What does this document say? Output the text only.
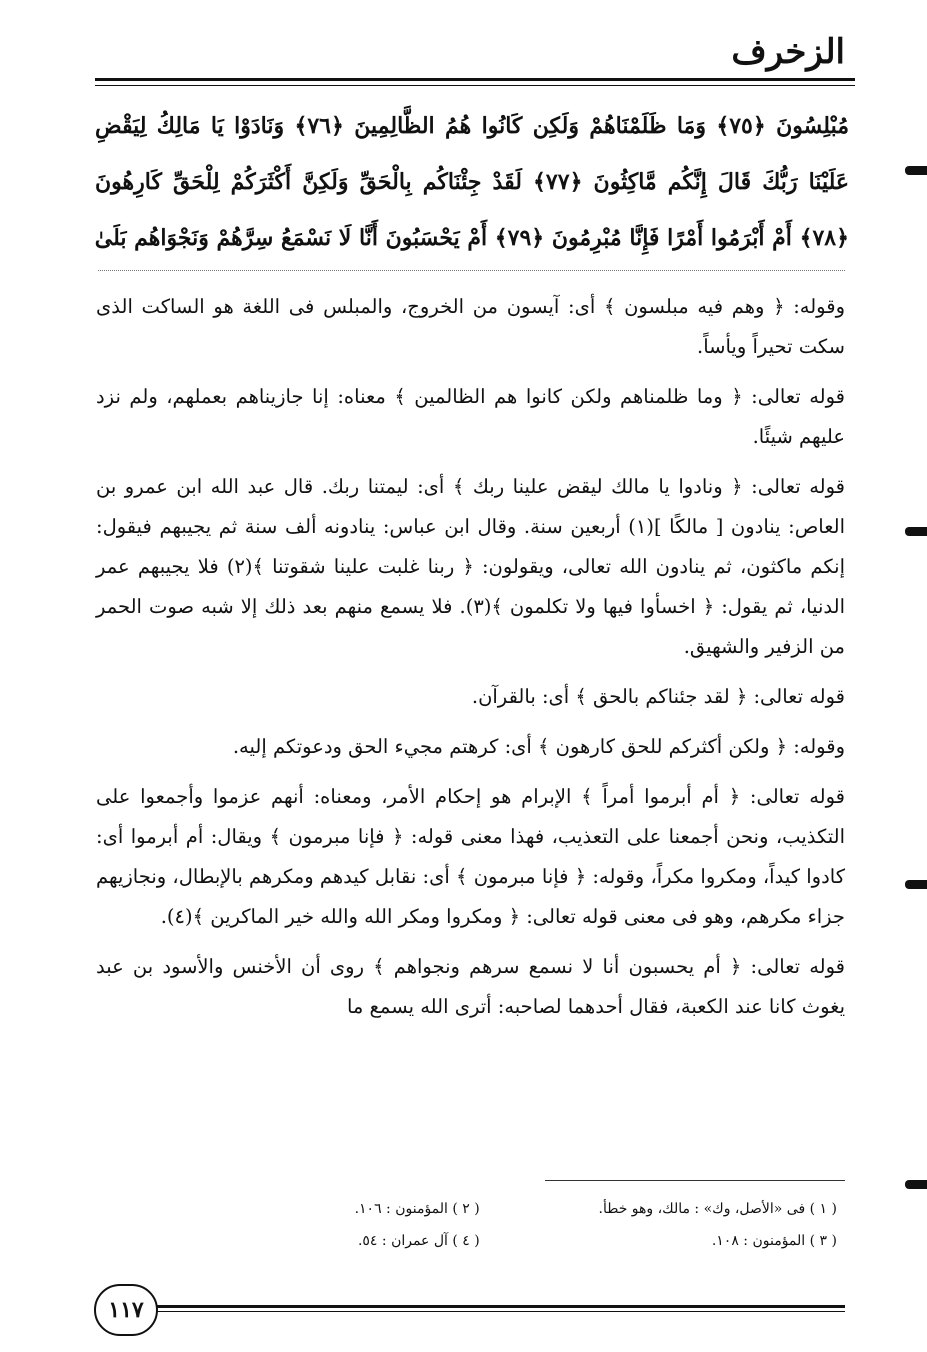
الزخرف
مُبْلِسُونَ ﴿٧٥﴾ وَمَا ظَلَمْنَاهُمْ وَلَكِن كَانُوا هُمُ الظَّالِمِينَ ﴿٧٦﴾ وَنَادَوْا يَا مَالِكُ لِيَقْضِ
عَلَيْنَا رَبُّكَ قَالَ إِنَّكُم مَّاكِثُونَ ﴿٧٧﴾ لَقَدْ جِئْنَاكُم بِالْحَقِّ وَلَكِنَّ أَكْثَرَكُمْ لِلْحَقِّ كَارِهُونَ
﴿٧٨﴾ أَمْ أَبْرَمُوا أَمْرًا فَإِنَّا مُبْرِمُونَ ﴿٧٩﴾ أَمْ يَحْسَبُونَ أَنَّا لَا نَسْمَعُ سِرَّهُمْ وَنَجْوَاهُم بَلَىٰ

وقوله: ﴿ وهم فيه مبلسون ﴾ أى: آيسون من الخروج، والمبلس فى اللغة هو الساكت الذى سكت تحيراً ويأساً.

قوله تعالى: ﴿ وما ظلمناهم ولكن كانوا هم الظالمين ﴾ معناه: إنا جازيناهم بعملهم، ولم نزد عليهم شيئًا.

قوله تعالى: ﴿ ونادوا يا مالك ليقض علينا ربك ﴾ أى: ليمتنا ربك. قال عبد الله ابن عمرو بن العاص: ينادون [ مالكًا ](١) أربعين سنة. وقال ابن عباس: ينادونه ألف سنة ثم يجيبهم فيقول: إنكم ماكثون، ثم ينادون الله تعالى، ويقولون: ﴿ ربنا غلبت علينا شقوتنا ﴾(٢) فلا يجيبهم عمر الدنيا، ثم يقول: ﴿ اخسأوا فيها ولا تكلمون ﴾(٣). فلا يسمع منهم بعد ذلك إلا شبه صوت الحمر من الزفير والشهيق.

قوله تعالى: ﴿ لقد جئناكم بالحق ﴾ أى: بالقرآن.

وقوله: ﴿ ولكن أكثركم للحق كارهون ﴾ أى: كرهتم مجيء الحق ودعوتكم إليه.

قوله تعالى: ﴿ أم أبرموا أمراً ﴾ الإبرام هو إحكام الأمر، ومعناه: أنهم عزموا وأجمعوا على التكذيب، ونحن أجمعنا على التعذيب، فهذا معنى قوله: ﴿ فإنا مبرمون ﴾ ويقال: أم أبرموا أى: كادوا كيداً، ومكروا مكراً، وقوله: ﴿ فإنا مبرمون ﴾ أى: نقابل كيدهم ومكرهم بالإبطال، ونجازيهم جزاء مكرهم، وهو فى معنى قوله تعالى: ﴿ ومكروا ومكر الله والله خير الماكرين ﴾(٤).

قوله تعالى: ﴿ أم يحسبون أنا لا نسمع سرهم ونجواهم ﴾ روى أن الأخنس والأسود بن عبد يغوث كانا عند الكعبة، فقال أحدهما لصاحبه: أترى الله يسمع ما

( ١ ) فى «الأصل، وك» : مالك، وهو خطأ.
( ٢ ) المؤمنون : ١٠٦.
( ٣ ) المؤمنون : ١٠٨.
( ٤ ) آل عمران : ٥٤.
١١٧
